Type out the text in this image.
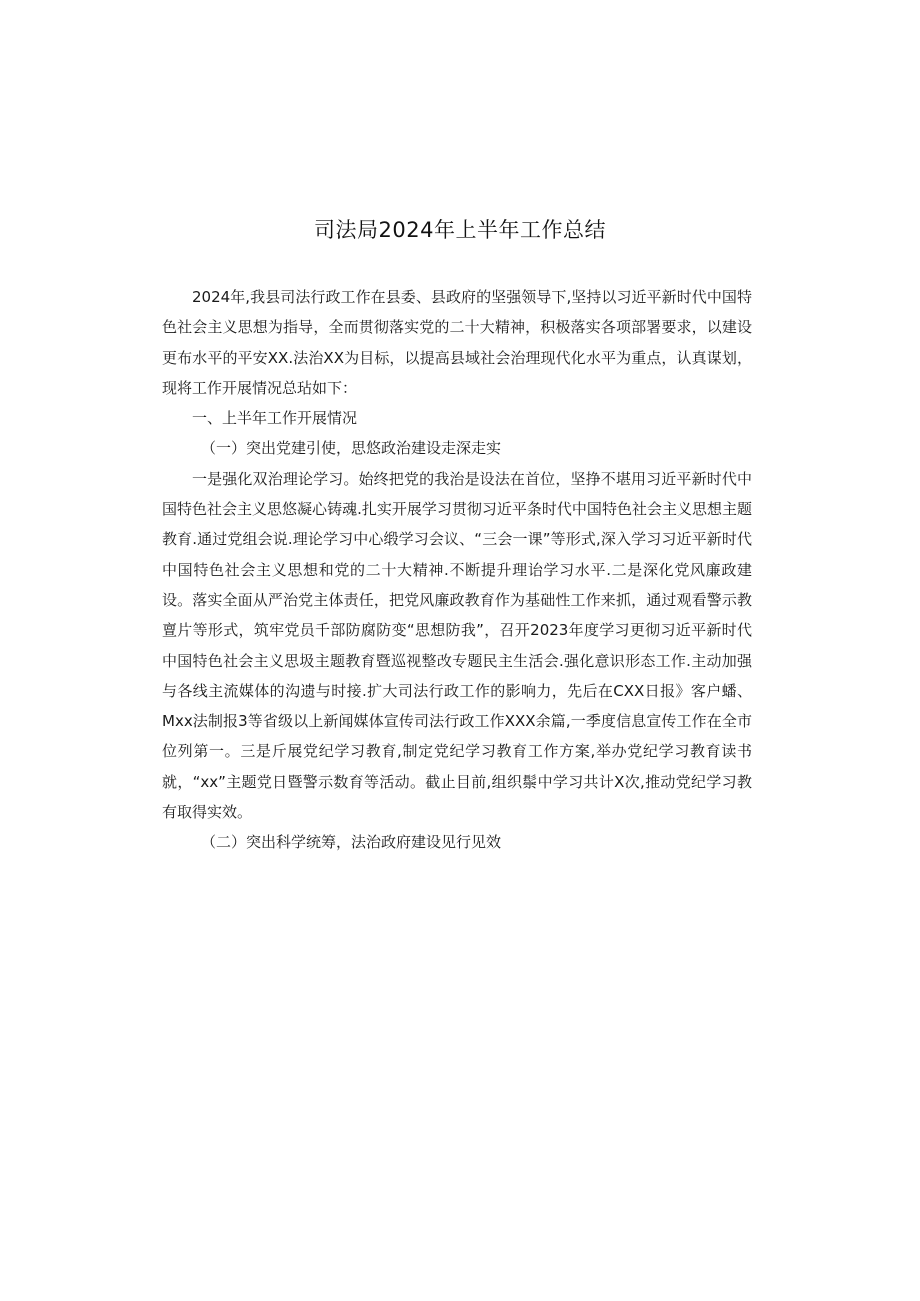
司法局2024年上半年工作总结

2024年,我县司法行政工作在县委、县政府的坚强领导下,坚持以习近平新时代中国特色社会主义思想为指导，全而贯彻落实党的二十大精神，积极落实各项部署要求，以建设更布水平的平安XX.法治XX为目标，以提高县域社会治理现代化水平为重点，认真谋划，现将工作开展情况总玷如下：

一、上半年工作开展情况

（一）突出党建引使，思悠政治建设走深走实

一是强化双治理论学习。始终把党的我治是设法在首位，坚挣不堪用习近平新时代中国特色社会主义思悠凝心铸魂.扎实开展学习贯彻习近平条时代中国特色社会主义思想主题教育.通过党组会说.理论学习中心缎学习会议、“三会一课”等形式,深入学习习近平新时代中国特色社会主义思想和党的二十大精神.不断提升理诒学习水平.二是深化党风廉政建设。落实全面从严治党主体责任，把党风廉政教育作为基础性工作来抓，通过观看警示教亶片等形式，筑牢党员千部防腐防变“思想防我”，召开2023年度学习更彻习近平新时代中国特色社会主义思圾主题教育暨巡视整改专题民主生活会.强化意识形态工作.主动加强与各线主流媒体的沟遗与时接.扩大司法行政工作的影响力，先后在CXX日报》客户蟠、Mxx法制报3等省级以上新闻媒体宣传司法行政工作XXX余篇,一季度信息宣传工作在全市位列第一。三是斤展党纪学习教育,制定党纪学习教育工作方案,举办党纪学习教育读书就，“xx”主题党日暨警示数育等活动。截止目前,组织鬃中学习共计X次,推动党纪学习教有取得实效。

（二）突出科学统筹，法治政府建设见行见效
